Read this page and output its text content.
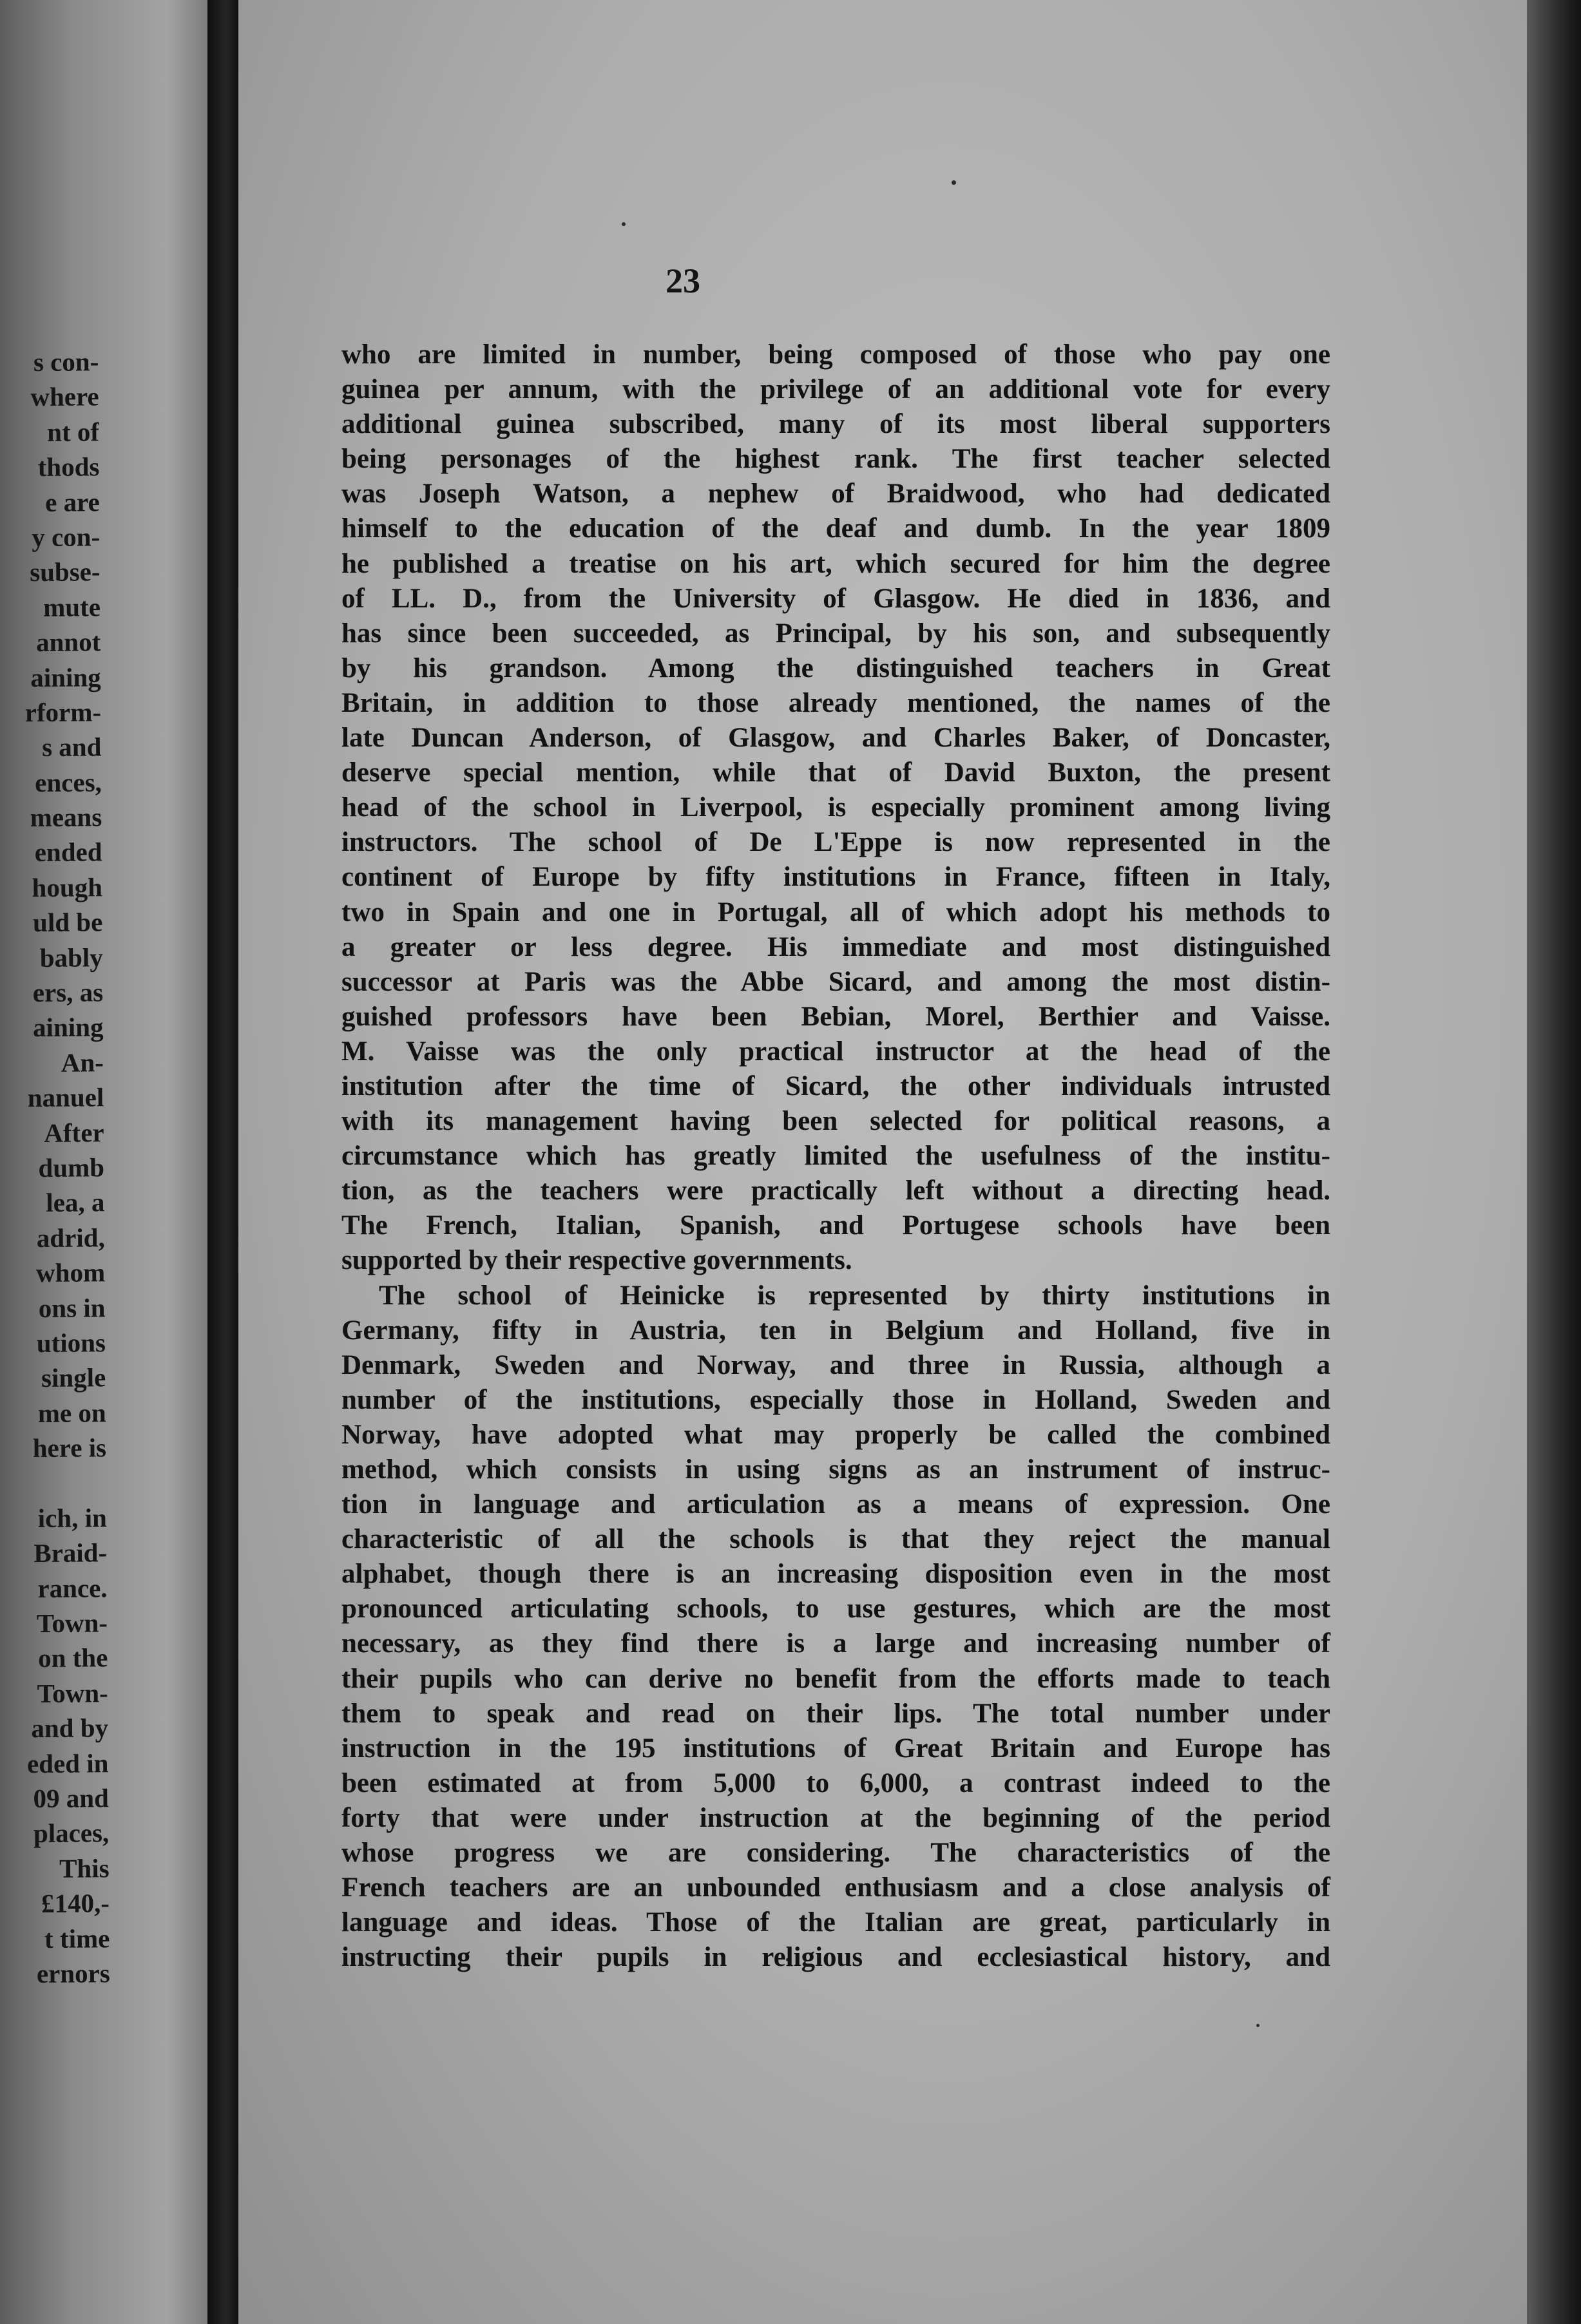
s con-
where
nt of
thods
e are
y con-
subse-
mute
annot
aining
rform-
s and
ences,
means
ended
hough
uld be
bably
ers, as
aining
An-
nanuel
After
dumb
lea, a
adrid,
whom
ons in
utions
single
me on
here is
ich, in
Braid-
rance.
Town-
on the
Town-
and by
eded in
09 and
places,
This
£140,-
t time
ernors
23
who are limited in number, being composed of those who pay one
guinea per annum, with the privilege of an additional vote for every
additional guinea subscribed, many of its most liberal supporters
being personages of the highest rank. The first teacher selected
was Joseph Watson, a nephew of Braidwood, who had dedicated
himself to the education of the deaf and dumb. In the year 1809
he published a treatise on his art, which secured for him the degree
of LL. D., from the University of Glasgow. He died in 1836, and
has since been succeeded, as Principal, by his son, and subsequently
by his grandson. Among the distinguished teachers in Great
Britain, in addition to those already mentioned, the names of the
late Duncan Anderson, of Glasgow, and Charles Baker, of Doncaster,
deserve special mention, while that of David Buxton, the present
head of the school in Liverpool, is especially prominent among living
instructors. The school of De L'Eppe is now represented in the
continent of Europe by fifty institutions in France, fifteen in Italy,
two in Spain and one in Portugal, all of which adopt his methods to
a greater or less degree. His immediate and most distinguished
successor at Paris was the Abbe Sicard, and among the most distin-
guished professors have been Bebian, Morel, Berthier and Vaisse.
M. Vaisse was the only practical instructor at the head of the
institution after the time of Sicard, the other individuals intrusted
with its management having been selected for political reasons, a
circumstance which has greatly limited the usefulness of the institu-
tion, as the teachers were practically left without a directing head.
The French, Italian, Spanish, and Portugese schools have been
supported by their respective governments.
The school of Heinicke is represented by thirty institutions in
Germany, fifty in Austria, ten in Belgium and Holland, five in
Denmark, Sweden and Norway, and three in Russia, although a
number of the institutions, especially those in Holland, Sweden and
Norway, have adopted what may properly be called the combined
method, which consists in using signs as an instrument of instruc-
tion in language and articulation as a means of expression. One
characteristic of all the schools is that they reject the manual
alphabet, though there is an increasing disposition even in the most
pronounced articulating schools, to use gestures, which are the most
necessary, as they find there is a large and increasing number of
their pupils who can derive no benefit from the efforts made to teach
them to speak and read on their lips. The total number under
instruction in the 195 institutions of Great Britain and Europe has
been estimated at from 5,000 to 6,000, a contrast indeed to the
forty that were under instruction at the beginning of the period
whose progress we are considering. The characteristics of the
French teachers are an unbounded enthusiasm and a close analysis of
language and ideas. Those of the Italian are great, particularly in
instructing their pupils in religious and ecclesiastical history, and
